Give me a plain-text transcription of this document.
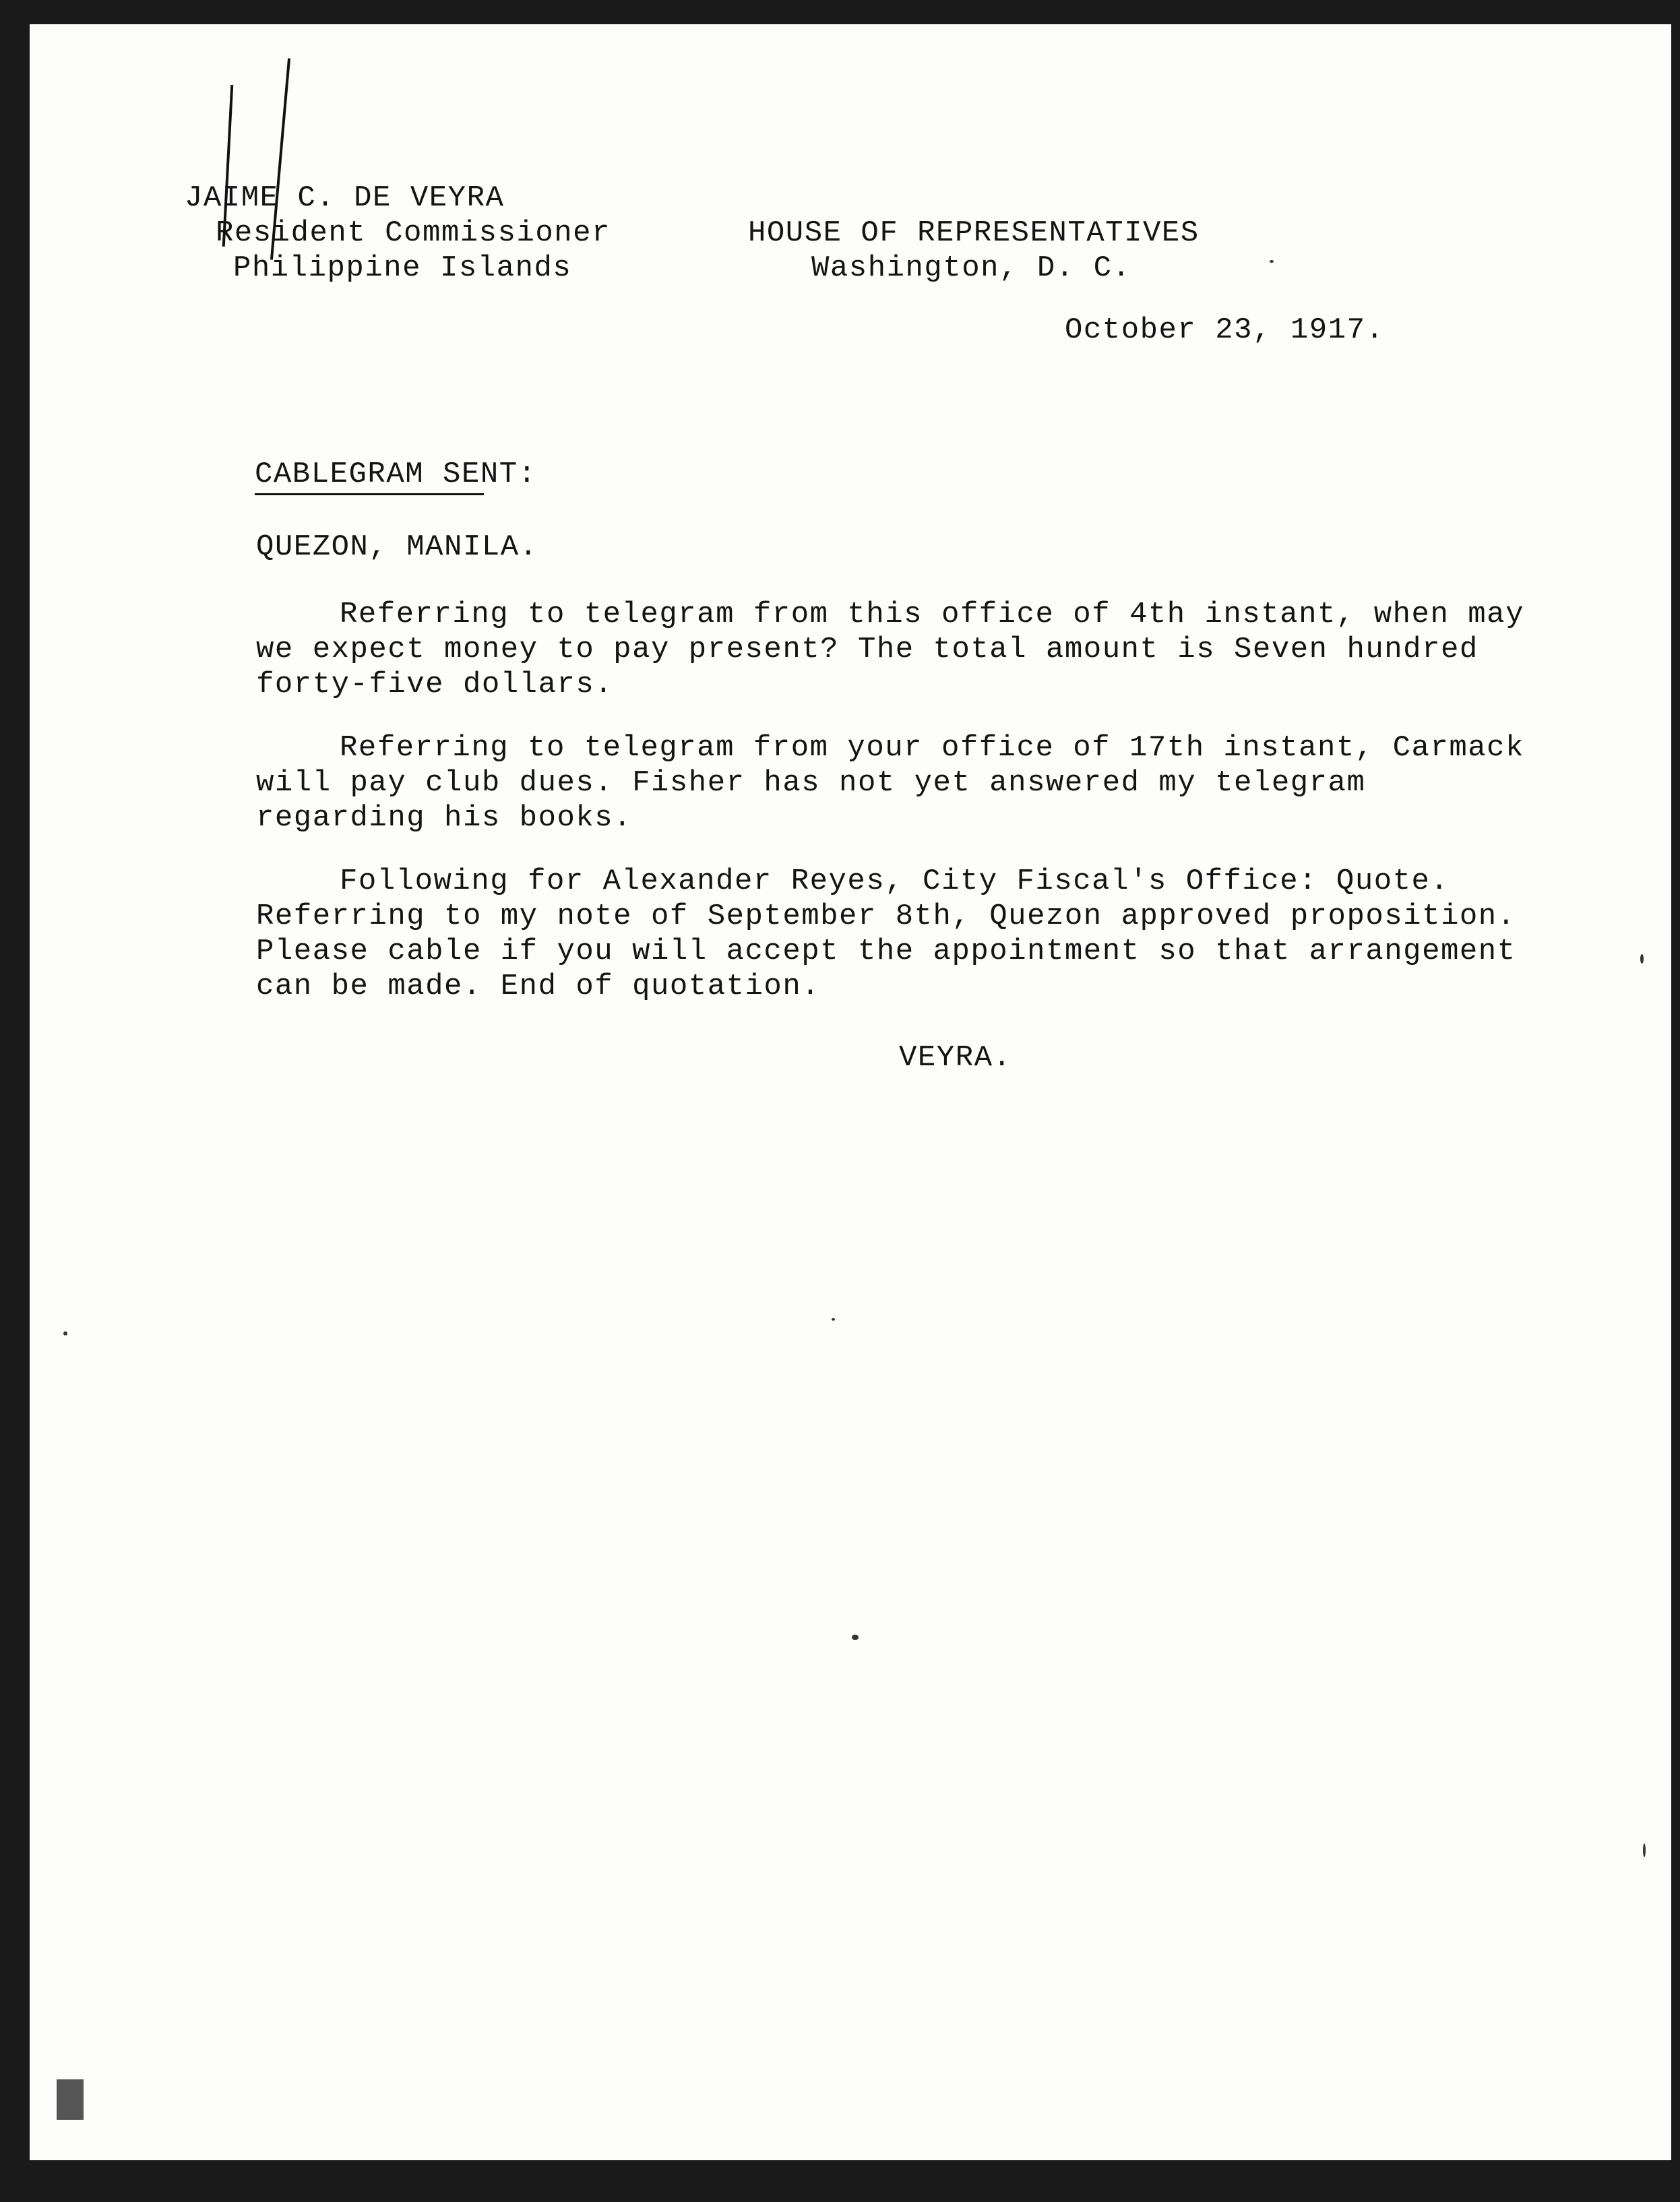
JAIME C. DE VEYRA

Resident Commissioner

Philippine Islands

HOUSE OF REPRESENTATIVES

Washington, D. C.

October 23, 1917.

CABLEGRAM SENT:

QUEZON, MANILA.

Referring to telegram from this office of 4th instant, when may we expect money to pay present? The total amount is Seven hundred forty-five dollars.

Referring to telegram from your office of 17th instant, Carmack will pay club dues. Fisher has not yet answered my telegram regarding his books.

Following for Alexander Reyes, City Fiscal's Office: Quote. Referring to my note of September 8th, Quezon approved proposition. Please cable if you will accept the appointment so that arrangement can be made. End of quotation.

VEYRA.
